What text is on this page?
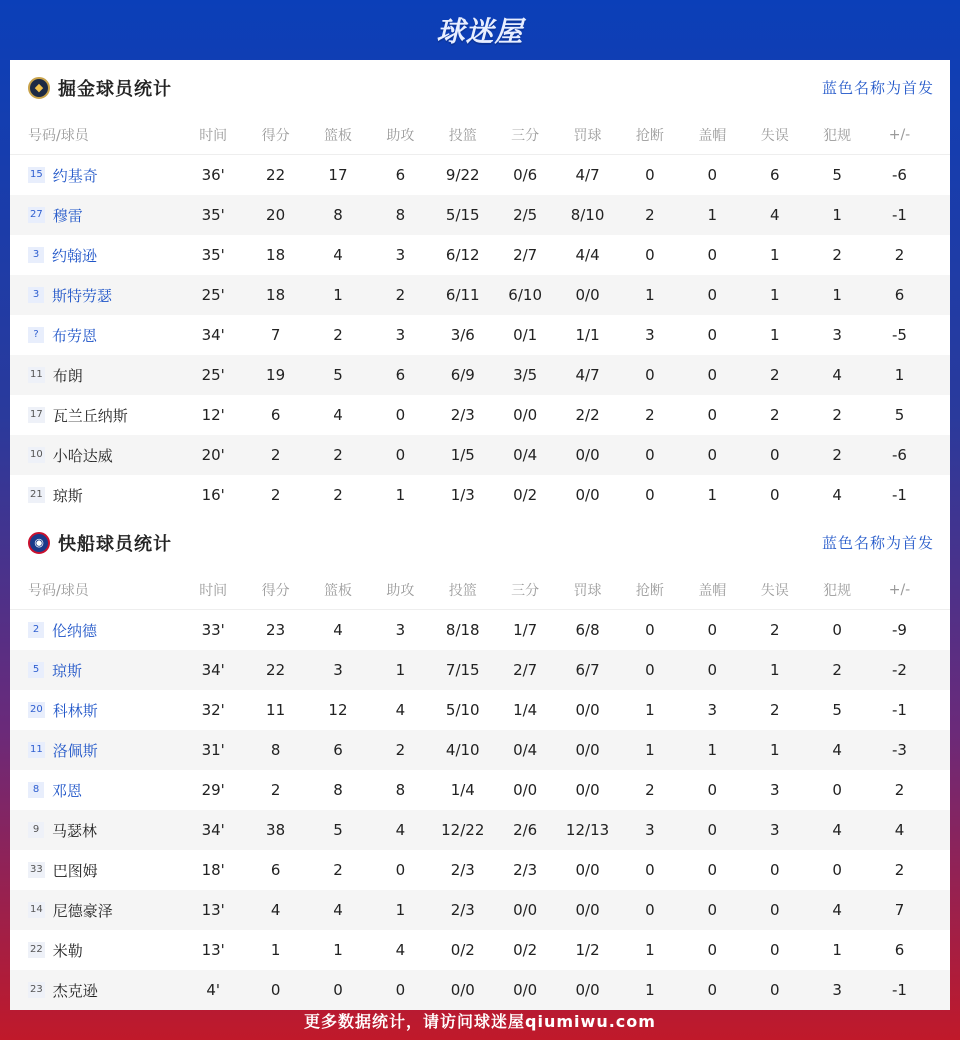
球迷屋
◆ 掘金球员统计	蓝色名称为首发
号码/球员	时间	得分	篮板	助攻	投篮	三分	罚球	抢断	盖帽	失误	犯规	+/-
15 约基奇	36'	22	17	6	9/22	0/6	4/7	0	0	6	5	-6
27 穆雷	35'	20	8	8	5/15	2/5	8/10	2	1	4	1	-1
3 约翰逊	35'	18	4	3	6/12	2/7	4/4	0	0	1	2	2
3 斯特劳瑟	25'	18	1	2	6/11	6/10	0/0	1	0	1	1	6
? 布劳恩	34'	7	2	3	3/6	0/1	1/1	3	0	1	3	-5
11 布朗	25'	19	5	6	6/9	3/5	4/7	0	0	2	4	1
17 瓦兰丘纳斯	12'	6	4	0	2/3	0/0	2/2	2	0	2	2	5
10 小哈达威	20'	2	2	0	1/5	0/4	0/0	0	0	0	2	-6
21 琼斯	16'	2	2	1	1/3	0/2	0/0	0	1	0	4	-1
◉ 快船球员统计	蓝色名称为首发
号码/球员	时间	得分	篮板	助攻	投篮	三分	罚球	抢断	盖帽	失误	犯规	+/-
2 伦纳德	33'	23	4	3	8/18	1/7	6/8	0	0	2	0	-9
5 琼斯	34'	22	3	1	7/15	2/7	6/7	0	0	1	2	-2
20 科林斯	32'	11	12	4	5/10	1/4	0/0	1	3	2	5	-1
11 洛佩斯	31'	8	6	2	4/10	0/4	0/0	1	1	1	4	-3
8 邓恩	29'	2	8	8	1/4	0/0	0/0	2	0	3	0	2
9 马瑟林	34'	38	5	4	12/22	2/6	12/13	3	0	3	4	4
33 巴图姆	18'	6	2	0	2/3	2/3	0/0	0	0	0	0	2
14 尼德豪泽	13'	4	4	1	2/3	0/0	0/0	0	0	0	4	7
22 米勒	13'	1	1	4	0/2	0/2	1/2	1	0	0	1	6
23 杰克逊	4'	0	0	0	0/0	0/0	0/0	1	0	0	3	-1
更多数据统计，请访问球迷屋qiumiwu.com
